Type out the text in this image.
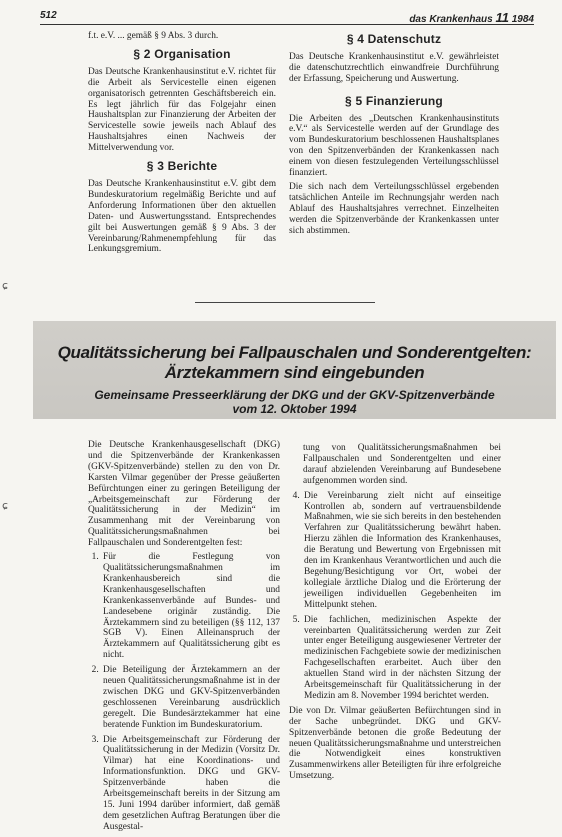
512	das Krankenhaus 11 1984
ɕ
ɕ

f.t. e.V. ... gemäß § 9 Abs. 3 durch.

§ 2 Organisation

Das Deutsche Krankenhausinstitut e.V. richtet für die Arbeit als Servicestelle einen eigenen organisatorisch getrennten Geschäftsbereich ein. Es legt jährlich für das Folgejahr einen Haushaltsplan zur Finanzierung der Arbeiten der Servicestelle sowie jeweils nach Ablauf des Haushaltsjahres einen Nachweis der Mittelverwendung vor.

§ 3 Berichte

Das Deutsche Krankenhausinstitut e.V. gibt dem Bundeskuratorium regelmäßig Berichte und auf Anforderung Informationen über den aktuellen Daten- und Auswertungsstand. Entsprechendes gilt bei Auswertungen gemäß § 9 Abs. 3 der Vereinbarung/Rahmenempfehlung für das Lenkungsgremium.

§ 4 Datenschutz

Das Deutsche Krankenhausinstitut e.V. gewährleistet die datenschutzrechtlich einwandfreie Durchführung der Erfassung, Speicherung und Auswertung.

§ 5 Finanzierung

Die Arbeiten des „Deutschen Krankenhausinstituts e.V.“ als Servicestelle werden auf der Grundlage des vom Bundeskuratorium beschlossenen Haushaltsplanes von den Spitzenverbänden der Krankenkassen nach einem von diesen festzulegenden Verteilungsschlüssel finanziert.

Die sich nach dem Verteilungsschlüssel ergebenden tatsächlichen Anteile im Rechnungsjahr werden nach Ablauf des Haushaltsjahres verrechnet. Einzelheiten werden die Spitzenverbände der Krankenkassen unter sich abstimmen.

Qualitätssicherung bei Fallpauschalen und Sonderentgelten:
Ärztekammern sind eingebunden
Gemeinsame Presseerklärung der DKG und der GKV-Spitzenverbände
vom 12. Oktober 1994

Die Deutsche Krankenhausgesellschaft (DKG) und die Spitzenverbände der Krankenkassen (GKV-Spitzenverbände) stellen zu den von Dr. Karsten Vilmar gegenüber der Presse geäußerten Befürchtungen einer zu geringen Beteiligung der „Arbeitsgemeinschaft zur Förderung der Qualitätssicherung in der Medizin“ im Zusammenhang mit der Vereinbarung von Qualitätssicherungsmaßnahmen bei Fallpauschalen und Sonderentgelten fest:

1. Für die Festlegung von Qualitätssicherungsmaßnahmen im Krankenhausbereich sind die Krankenhausgesellschaften und Krankenkassenverbände auf Bundes- und Landesebene originär zuständig. Die Ärztekammern sind zu beteiligen (§§ 112, 137 SGB V). Einen Alleinanspruch der Ärztekammern auf Qualitätssicherung gibt es nicht.
2. Die Beteiligung der Ärztekammern an der neuen Qualitätssicherungsmaßnahme ist in der zwischen DKG und GKV-Spitzenverbänden geschlossenen Vereinbarung ausdrücklich geregelt. Die Bundesärztekammer hat eine beratende Funktion im Bundeskuratorium.
3. Die Arbeitsgemeinschaft zur Förderung der Qualitätssicherung in der Medizin (Vorsitz Dr. Vilmar) hat eine Koordinations- und Informationsfunktion. DKG und GKV-Spitzenverbände haben die Arbeitsgemeinschaft bereits in der Sitzung am 15. Juni 1994 darüber informiert, daß gemäß dem gesetzlichen Auftrag Beratungen über die Ausgestal-
tung von Qualitätssicherungsmaßnahmen bei Fallpauschalen und Sonderentgelten und einer darauf abzielenden Vereinbarung auf Bundesebene aufgenommen worden sind.
4. Die Vereinbarung zielt nicht auf einseitige Kontrollen ab, sondern auf vertrauensbildende Maßnahmen, wie sie sich bereits in den bestehenden Verfahren zur Qualitätssicherung bewährt haben. Hierzu zählen die Information des Krankenhauses, die Beratung und Bewertung von Ergebnissen mit den im Krankenhaus Verantwortlichen und auch die Begehung/Besichtigung vor Ort, wobei der kollegiale ärztliche Dialog und die Erörterung der jeweiligen individuellen Gegebenheiten im Mittelpunkt stehen.
5. Die fachlichen, medizinischen Aspekte der vereinbarten Qualitätssicherung werden zur Zeit unter enger Beteiligung ausgewiesener Vertreter der medizinischen Fachgebiete sowie der medizinischen Fachgesellschaften erarbeitet. Auch über den aktuellen Stand wird in der nächsten Sitzung der Arbeitsgemeinschaft für Qualitätssicherung in der Medizin am 8. November 1994 berichtet werden.

Die von Dr. Vilmar geäußerten Befürchtungen sind in der Sache unbegründet. DKG und GKV-Spitzenverbände betonen die große Bedeutung der neuen Qualitätssicherungsmaßnahme und unterstreichen die Notwendigkeit eines konstruktiven Zusammenwirkens aller Beteiligten für ihre erfolgreiche Umsetzung.
